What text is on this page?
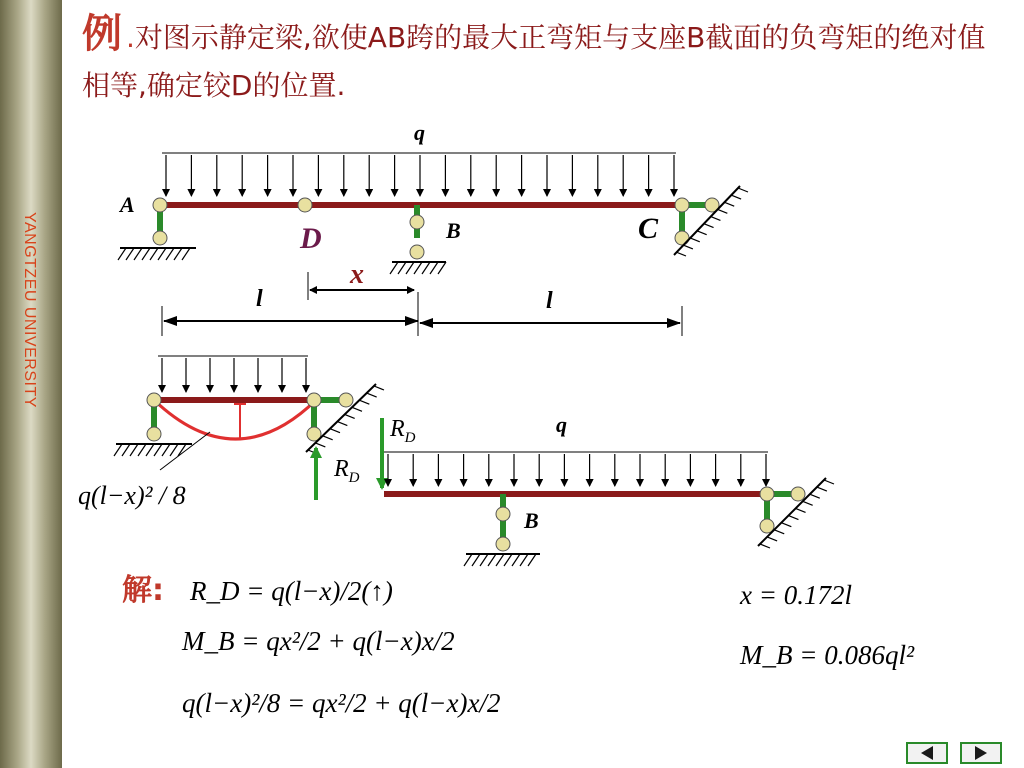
YANGTZEU UNIVERSITY
例 .对图示静定梁,欲使AB跨的最大正弯矩与支座B截面的负弯矩的绝对值相等,确定铰D的位置.
q
A
D	B	C
x
l	l
q(l−x)² / 8
$R_D$
$R_D$
q
B
解: R_D = q(l−x)/2(↑)
M_B = qx²/2 + q(l−x)x/2
q(l−x)²/8 = qx²/2 + q(l−x)x/2
x = 0.172l
M_B = 0.086ql²
